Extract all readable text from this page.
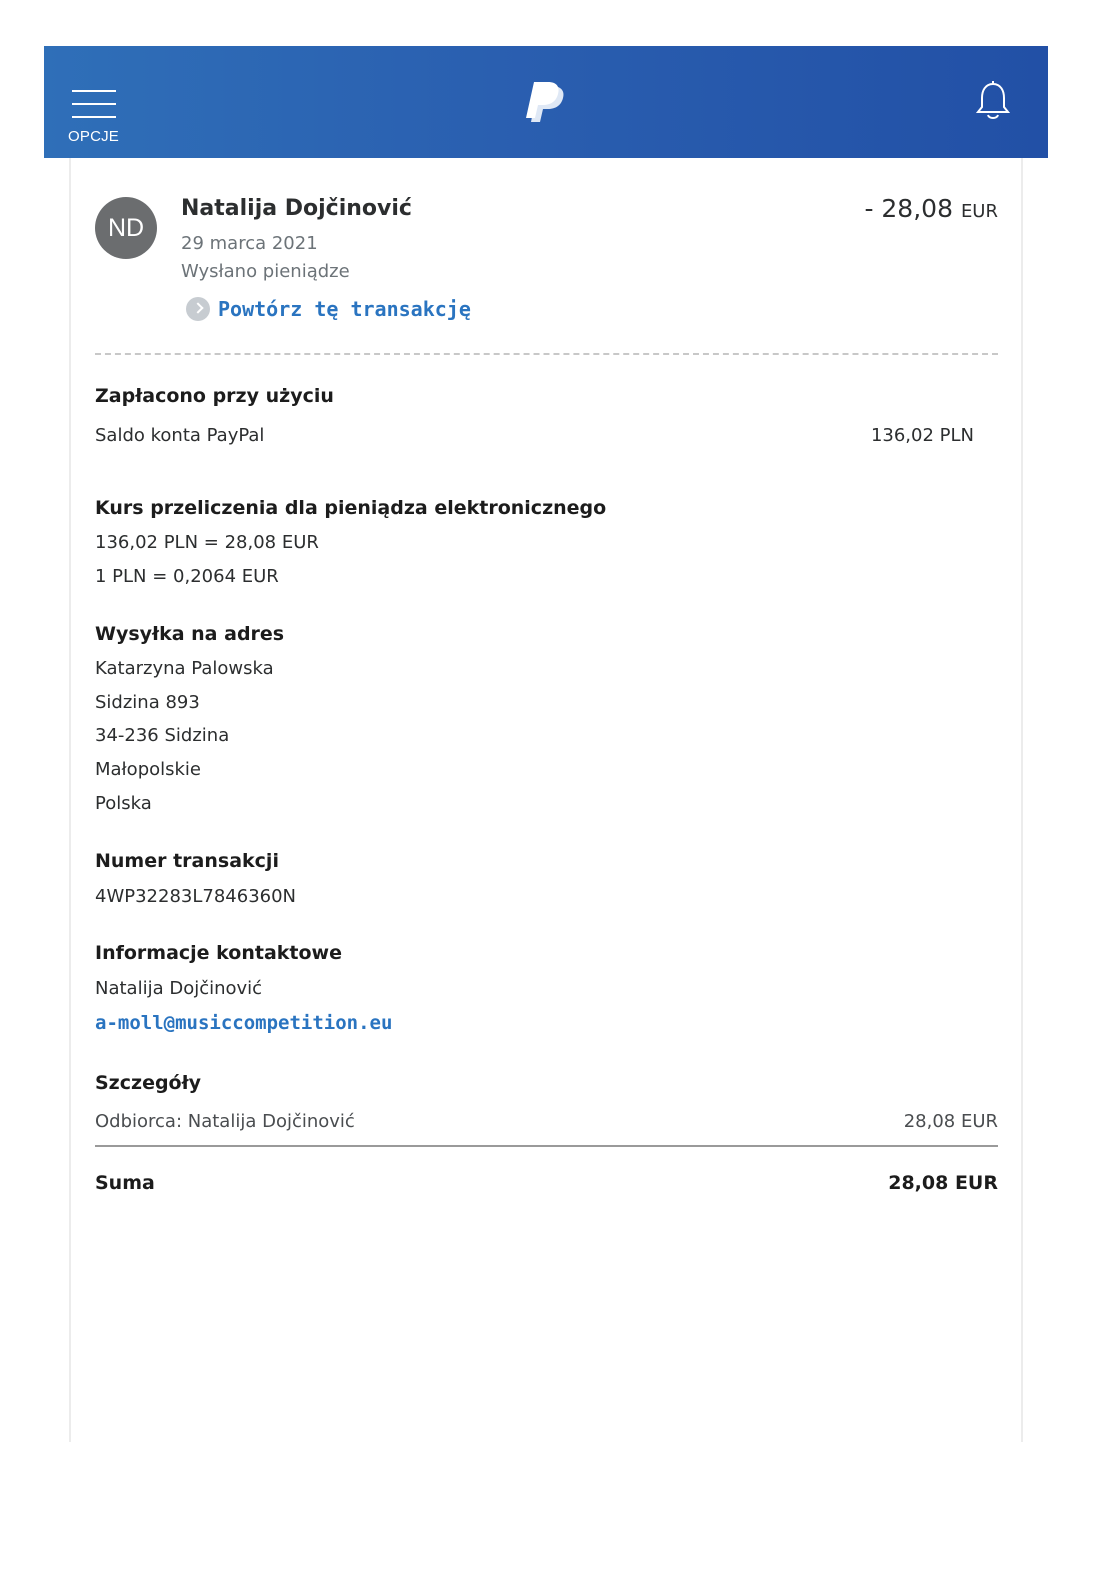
OPCJE
ND
Natalija Dojčinović	- 28,08 EUR
29 marca 2021
Wysłano pieniądze
Powtórz tę transakcję
Zapłacono przy użyciu
Saldo konta PayPal	136,02 PLN
Kurs przeliczenia dla pieniądza elektronicznego
136,02 PLN = 28,08 EUR
1 PLN = 0,2064 EUR
Wysyłka na adres
Katarzyna Palowska
Sidzina 893
34-236 Sidzina
Małopolskie
Polska
Numer transakcji
4WP32283L7846360N
Informacje kontaktowe
Natalija Dojčinović
a-moll@musiccompetition.eu
Szczegóły
Odbiorca: Natalija Dojčinović	28,08 EUR
Suma	28,08 EUR
